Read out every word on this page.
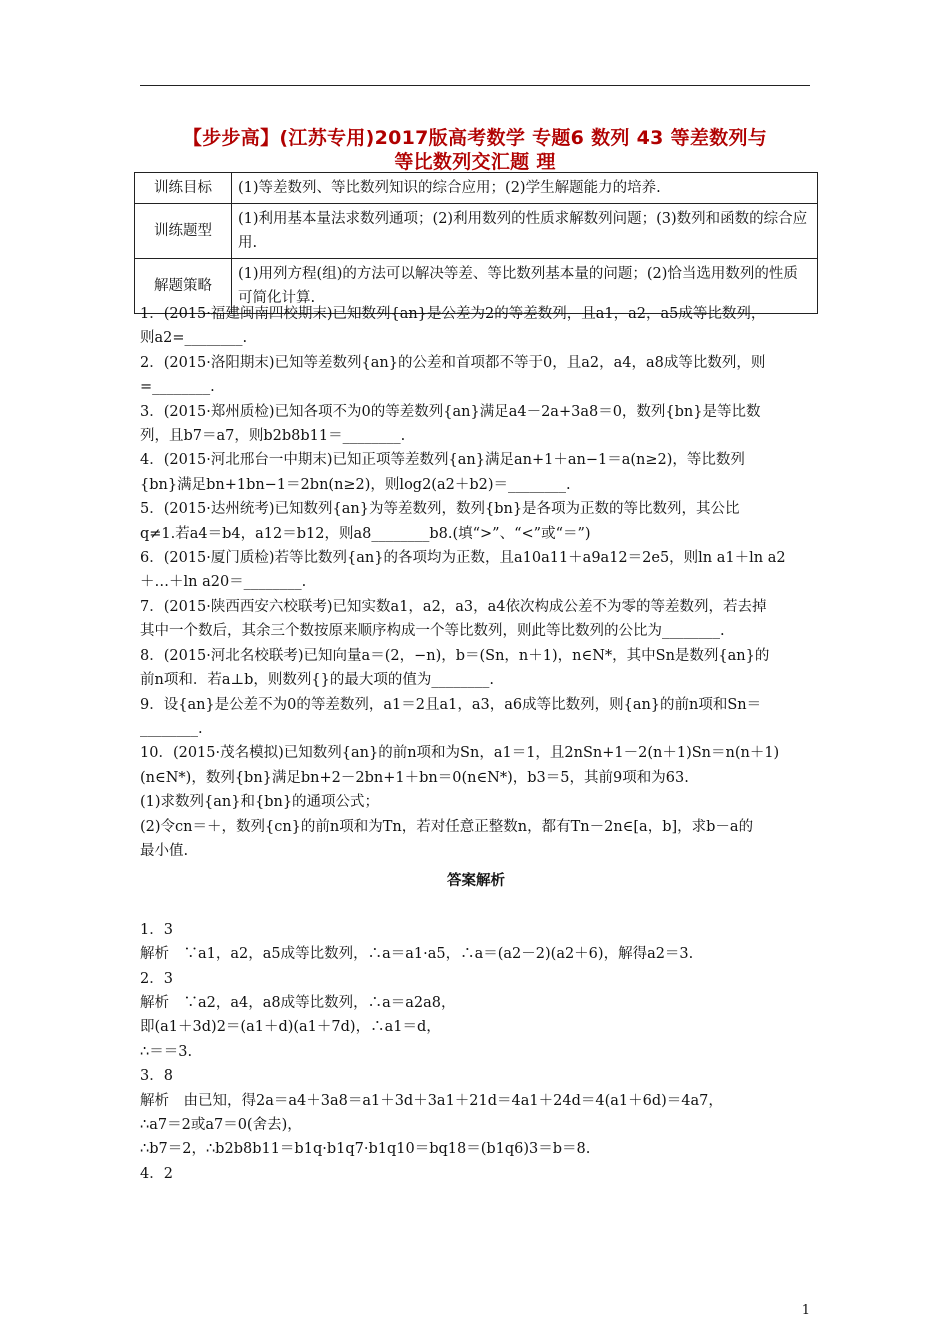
【步步高】(江苏专用)2017版高考数学 专题6 数列 43 等差数列与
等比数列交汇题 理
训练目标	(1)等差数列、等比数列知识的综合应用；(2)学生解题能力的培养.
训练题型	(1)利用基本量法求数列通项；(2)利用数列的性质求解数列问题；(3)数列和函数的综合应用.
解题策略	(1)用列方程(组)的方法可以解决等差、等比数列基本量的问题；(2)恰当选用数列的性质可简化计算.

1．(2015·福建闽南四校期末)已知数列{an}是公差为2的等差数列，且a1，a2，a5成等比数列，

则a2=________.

2．(2015·洛阳期末)已知等差数列{an}的公差和首项都不等于0，且a2，a4，a8成等比数列，则

=________.

3．(2015·郑州质检)已知各项不为0的等差数列{an}满足a4－2a+3a8＝0，数列{bn}是等比数

列，且b7＝a7，则b2b8b11＝________.

4．(2015·河北邢台一中期末)已知正项等差数列{an}满足an+1＋an−1＝a(n≥2)，等比数列

{bn}满足bn+1bn−1＝2bn(n≥2)，则log2(a2＋b2)＝________.

5．(2015·达州统考)已知数列{an}为等差数列，数列{bn}是各项为正数的等比数列，其公比

q≠1.若a4＝b4，a12＝b12，则a8________b8.(填“>”、“<”或“＝”)

6．(2015·厦门质检)若等比数列{an}的各项均为正数，且a10a11＋a9a12＝2e5，则ln a1＋ln a2

＋…＋ln a20＝________.

7．(2015·陕西西安六校联考)已知实数a1，a2，a3，a4依次构成公差不为零的等差数列，若去掉

其中一个数后，其余三个数按原来顺序构成一个等比数列，则此等比数列的公比为________.

8．(2015·河北名校联考)已知向量a＝(2，−n)，b＝(Sn，n＋1)，n∈N*，其中Sn是数列{an}的

前n项和．若a⊥b，则数列{}的最大项的值为________.

9．设{an}是公差不为0的等差数列，a1＝2且a1，a3，a6成等比数列，则{an}的前n项和Sn＝

________.

10．(2015·茂名模拟)已知数列{an}的前n项和为Sn，a1＝1，且2nSn+1－2(n＋1)Sn＝n(n＋1)

(n∈N*)，数列{bn}满足bn+2－2bn+1＋bn＝0(n∈N*)，b3＝5，其前9项和为63.

(1)求数列{an}和{bn}的通项公式；

(2)令cn＝＋，数列{cn}的前n项和为Tn，若对任意正整数n，都有Tn－2n∈[a，b]，求b－a的

最小值.

答案解析

1．3

解析　∵a1，a2，a5成等比数列，∴a＝a1·a5，∴a＝(a2－2)(a2＋6)，解得a2＝3.

2．3

解析　∵a2，a4，a8成等比数列，∴a＝a2a8，

即(a1＋3d)2＝(a1＋d)(a1＋7d)，∴a1＝d，

∴＝＝3.

3．8

解析　由已知，得2a＝a4＋3a8＝a1＋3d＋3a1＋21d＝4a1＋24d＝4(a1＋6d)＝4a7，

∴a7＝2或a7＝0(舍去)，

∴b7＝2，∴b2b8b11＝b1q·b1q7·b1q10＝bq18＝(b1q6)3＝b＝8.

4．2

1
